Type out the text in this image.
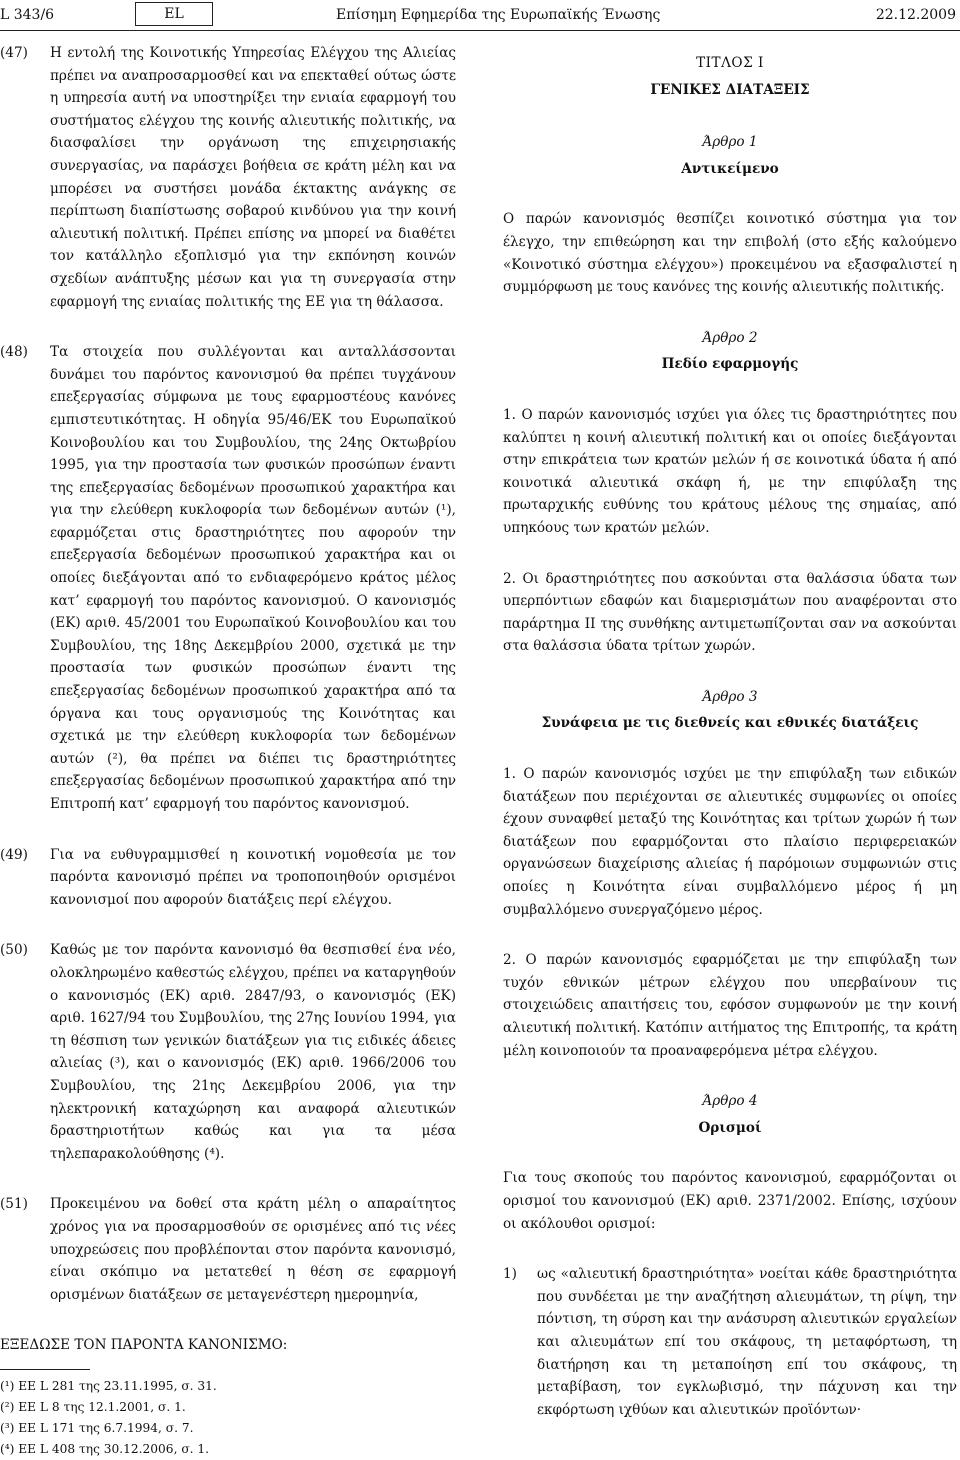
L 343/6	EL	Επίσημη Εφημερίδα της Ευρωπαϊκής Ένωσης	22.12.2009
(47) Η εντολή της Κοινοτικής Υπηρεσίας Ελέγχου της Αλιείας πρέπει να αναπροσαρμοσθεί και να επεκταθεί ούτως ώστε η υπηρεσία αυτή να υποστηρίξει την ενιαία εφαρμογή του συστήματος ελέγχου της κοινής αλιευτικής πολιτικής, να διασφαλίσει την οργάνωση της επιχειρησιακής συνεργασίας, να παράσχει βοήθεια σε κράτη μέλη και να μπορέσει να συστήσει μονάδα έκτακτης ανάγκης σε περίπτωση διαπίστωσης σοβαρού κινδύνου για την κοινή αλιευτική πολιτική. Πρέπει επίσης να μπορεί να διαθέτει τον κατάλληλο εξοπλισμό για την εκπόνηση κοινών σχεδίων ανάπτυξης μέσων και για τη συνεργασία στην εφαρμογή της ενιαίας πολιτικής της ΕΕ για τη θάλασσα.

(48) Τα στοιχεία που συλλέγονται και ανταλλάσσονται δυνάμει του παρόντος κανονισμού θα πρέπει τυγχάνουν επεξεργασίας σύμφωνα με τους εφαρμοστέους κανόνες εμπιστευτικότητας. Η οδηγία 95/46/ΕΚ του Ευρωπαϊκού Κοινοβουλίου και του Συμβουλίου, της 24ης Οκτωβρίου 1995, για την προστασία των φυσικών προσώπων έναντι της επεξεργασίας δεδομένων προσωπικού χαρακτήρα και για την ελεύθερη κυκλοφορία των δεδομένων αυτών (¹), εφαρμόζεται στις δραστηριότητες που αφορούν την επεξεργασία δεδομένων προσωπικού χαρακτήρα και οι οποίες διεξάγονται από το ενδιαφερόμενο κράτος μέλος κατ’ εφαρμογή του παρόντος κανονισμού. Ο κανονισμός (ΕΚ) αριθ. 45/2001 του Ευρωπαϊκού Κοινοβουλίου και του Συμβουλίου, της 18ης Δεκεμβρίου 2000, σχετικά με την προστασία των φυσικών προσώπων έναντι της επεξεργασίας δεδομένων προσωπικού χαρακτήρα από τα όργανα και τους οργανισμούς της Κοινότητας και σχετικά με την ελεύθερη κυκλοφορία των δεδομένων αυτών (²), θα πρέπει να διέπει τις δραστηριότητες επεξεργασίας δεδομένων προσωπικού χαρακτήρα από την Επιτροπή κατ’ εφαρμογή του παρόντος κανονισμού.

(49) Για να ευθυγραμμισθεί η κοινοτική νομοθεσία με τον παρόντα κανονισμό πρέπει να τροποποιηθούν ορισμένοι κανονισμοί που αφορούν διατάξεις περί ελέγχου.

(50) Καθώς με τον παρόντα κανονισμό θα θεσπισθεί ένα νέο, ολοκληρωμένο καθεστώς ελέγχου, πρέπει να καταργηθούν ο κανονισμός (ΕΚ) αριθ. 2847/93, ο κανονισμός (ΕΚ) αριθ. 1627/94 του Συμβουλίου, της 27ης Ιουνίου 1994, για τη θέσπιση των γενικών διατάξεων για τις ειδικές άδειες αλιείας (³), και ο κανονισμός (ΕΚ) αριθ. 1966/2006 του Συμβουλίου, της 21ης Δεκεμβρίου 2006, για την ηλεκτρονική καταχώρηση και αναφορά αλιευτικών δραστηριοτήτων καθώς και για τα μέσα τηλεπαρακολούθησης (⁴).

(51) Προκειμένου να δοθεί στα κράτη μέλη ο απαραίτητος χρόνος για να προσαρμοσθούν σε ορισμένες από τις νέες υποχρεώσεις που προβλέπονται στον παρόντα κανονισμό, είναι σκόπιμο να μετατεθεί η θέση σε εφαρμογή ορισμένων διατάξεων σε μεταγενέστερη ημερομηνία,

ΕΞΕΔΩΣΕ ΤΟΝ ΠΑΡΟΝΤΑ ΚΑΝΟΝΙΣΜΟ:
(¹) ΕΕ L 281 της 23.11.1995, σ. 31.
(²) ΕΕ L 8 της 12.1.2001, σ. 1.
(³) ΕΕ L 171 της 6.7.1994, σ. 7.
(⁴) ΕΕ L 408 της 30.12.2006, σ. 1.
ΤΙΤΛΟΣ I
ΓΕΝΙΚΕΣ ΔΙΑΤΑΞΕΙΣ
Άρθρο 1
Αντικείμενο

Ο παρών κανονισμός θεσπίζει κοινοτικό σύστημα για τον έλεγχο, την επιθεώρηση και την επιβολή (στο εξής καλούμενο «Κοινοτικό σύστημα ελέγχου») προκειμένου να εξασφαλιστεί η συμμόρφωση με τους κανόνες της κοινής αλιευτικής πολιτικής.

Άρθρο 2
Πεδίο εφαρμογής

1. Ο παρών κανονισμός ισχύει για όλες τις δραστηριότητες που καλύπτει η κοινή αλιευτική πολιτική και οι οποίες διεξάγονται στην επικράτεια των κρατών μελών ή σε κοινοτικά ύδατα ή από κοινοτικά αλιευτικά σκάφη ή, με την επιφύλαξη της πρωταρχικής ευθύνης του κράτους μέλους της σημαίας, από υπηκόους των κρατών μελών.

2. Οι δραστηριότητες που ασκούνται στα θαλάσσια ύδατα των υπερπόντιων εδαφών και διαμερισμάτων που αναφέρονται στο παράρτημα II της συνθήκης αντιμετωπίζονται σαν να ασκούνται στα θαλάσσια ύδατα τρίτων χωρών.

Άρθρο 3
Συνάφεια με τις διεθνείς και εθνικές διατάξεις

1. Ο παρών κανονισμός ισχύει με την επιφύλαξη των ειδικών διατάξεων που περιέχονται σε αλιευτικές συμφωνίες οι οποίες έχουν συναφθεί μεταξύ της Κοινότητας και τρίτων χωρών ή των διατάξεων που εφαρμόζονται στο πλαίσιο περιφερειακών οργανώσεων διαχείρισης αλιείας ή παρόμοιων συμφωνιών στις οποίες η Κοινότητα είναι συμβαλλόμενο μέρος ή μη συμβαλλόμενο συνεργαζόμενο μέρος.

2. Ο παρών κανονισμός εφαρμόζεται με την επιφύλαξη των τυχόν εθνικών μέτρων ελέγχου που υπερβαίνουν τις στοιχειώδεις απαιτήσεις του, εφόσον συμφωνούν με την κοινή αλιευτική πολιτική. Κατόπιν αιτήματος της Επιτροπής, τα κράτη μέλη κοινοποιούν τα προαναφερόμενα μέτρα ελέγχου.

Άρθρο 4
Ορισμοί

Για τους σκοπούς του παρόντος κανονισμού, εφαρμόζονται οι ορισμοί του κανονισμού (ΕΚ) αριθ. 2371/2002. Επίσης, ισχύουν οι ακόλουθοι ορισμοί:

1) ως «αλιευτική δραστηριότητα» νοείται κάθε δραστηριότητα που συνδέεται με την αναζήτηση αλιευμάτων, τη ρίψη, την πόντιση, τη σύρση και την ανάσυρση αλιευτικών εργαλείων και αλιευμάτων επί του σκάφους, τη μεταφόρτωση, τη διατήρηση και τη μεταποίηση επί του σκάφους, τη μεταβίβαση, τον εγκλωβισμό, την πάχυνση και την εκφόρτωση ιχθύων και αλιευτικών προϊόντων·
